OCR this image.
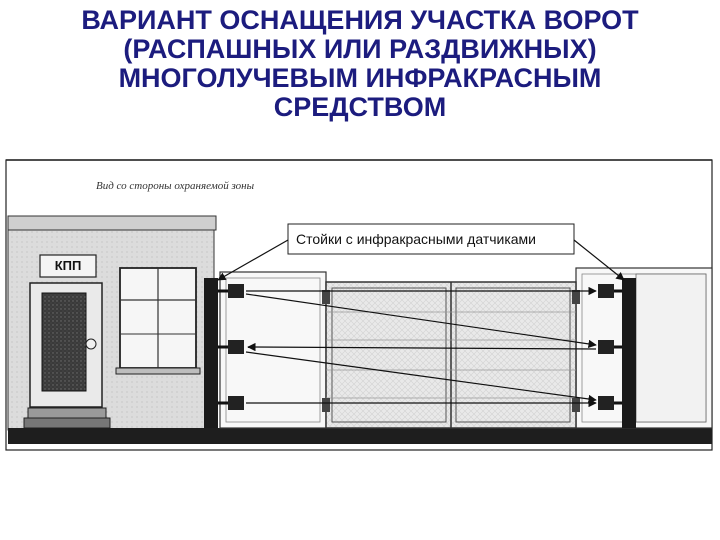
ВАРИАНТ ОСНАЩЕНИЯ УЧАСТКА ВОРОТ
(РАСПАШНЫХ ИЛИ РАЗДВИЖНЫХ)
МНОГОЛУЧЕВЫМ ИНФРАКРАСНЫМ
СРЕДСТВОМ
Вид со стороны охраняемой зоны
Стойки с инфракрасными датчиками
КПП
